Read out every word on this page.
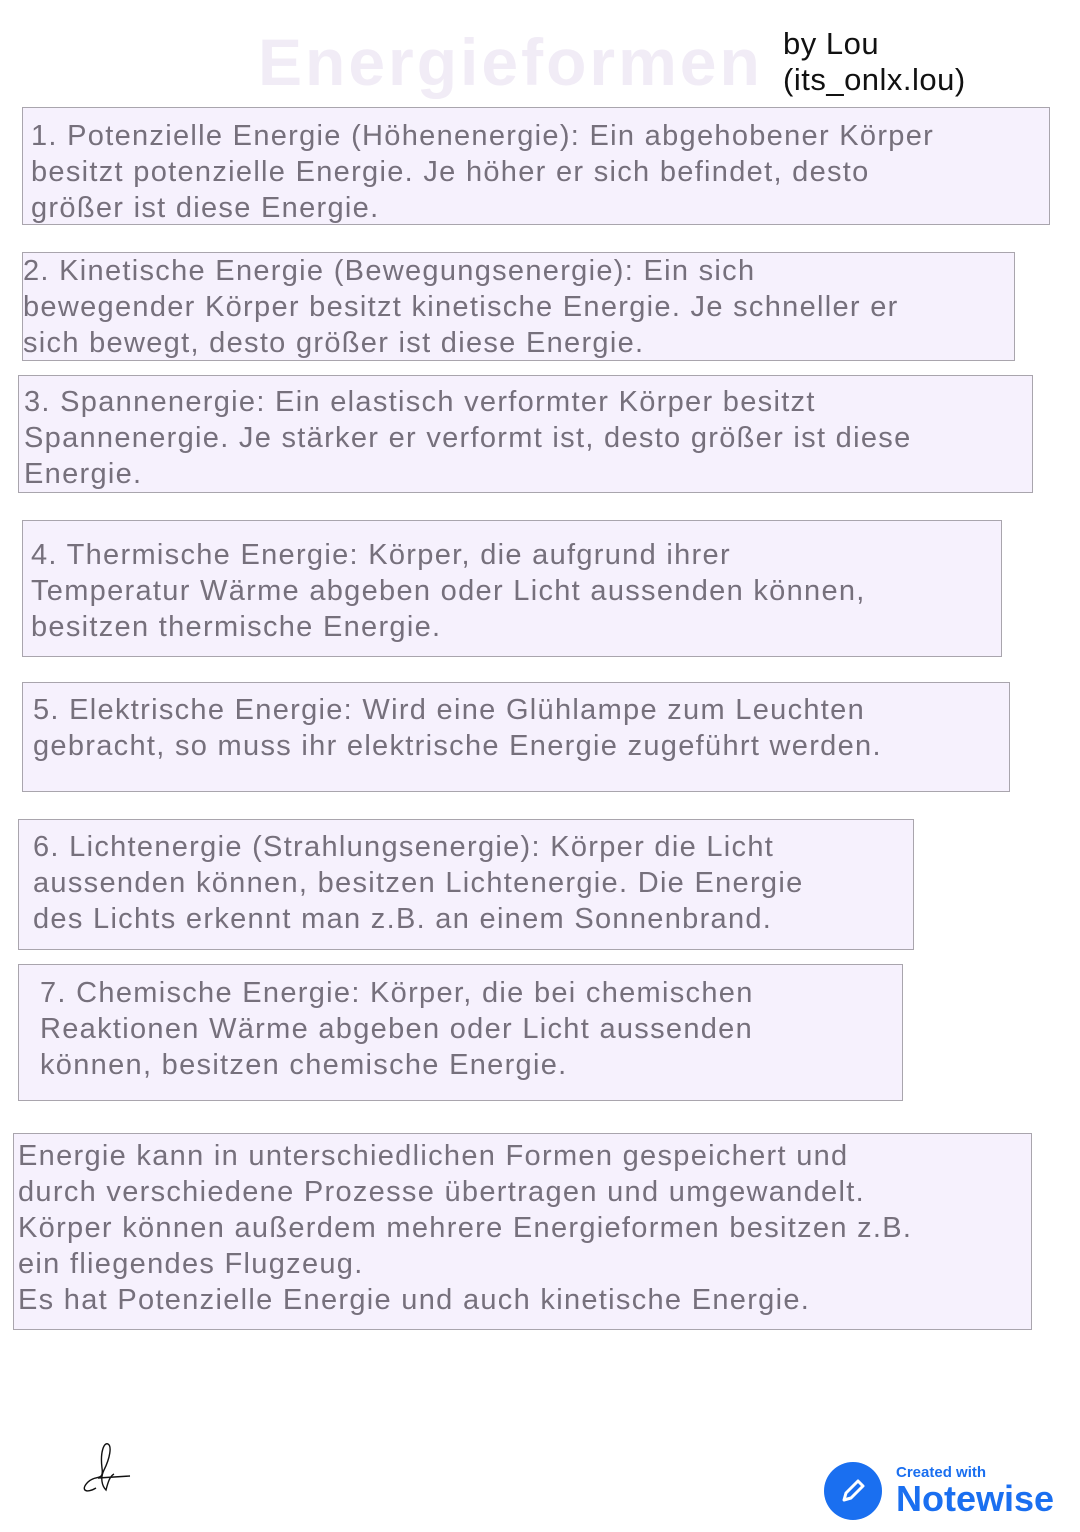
Energieformen by Lou
(its_onlx.lou)
1. Potenzielle Energie (Höhenenergie): Ein abgehobener Körper
besitzt potenzielle Energie. Je höher er sich befindet, desto
größer ist diese Energie.
2. Kinetische Energie (Bewegungsenergie): Ein sich
bewegender Körper besitzt kinetische Energie. Je schneller er
sich bewegt, desto größer ist diese Energie.
3. Spannenergie: Ein elastisch verformter Körper besitzt
Spannenergie. Je stärker er verformt ist, desto größer ist diese
Energie.
4. Thermische Energie: Körper, die aufgrund ihrer
Temperatur Wärme abgeben oder Licht aussenden können,
besitzen thermische Energie.
5. Elektrische Energie: Wird eine Glühlampe zum Leuchten
gebracht, so muss ihr elektrische Energie zugeführt werden.
6. Lichtenergie (Strahlungsenergie): Körper die Licht
aussenden können, besitzen Lichtenergie. Die Energie
des Lichts erkennt man z.B. an einem Sonnenbrand.
7. Chemische Energie: Körper, die bei chemischen
Reaktionen Wärme abgeben oder Licht aussenden
können, besitzen chemische Energie.
Energie kann in unterschiedlichen Formen gespeichert und
durch verschiedene Prozesse übertragen und umgewandelt.
Körper können außerdem mehrere Energieformen besitzen z.B.
ein fliegendes Flugzeug.
Es hat Potenzielle Energie und auch kinetische Energie.
Created with
Notewise
